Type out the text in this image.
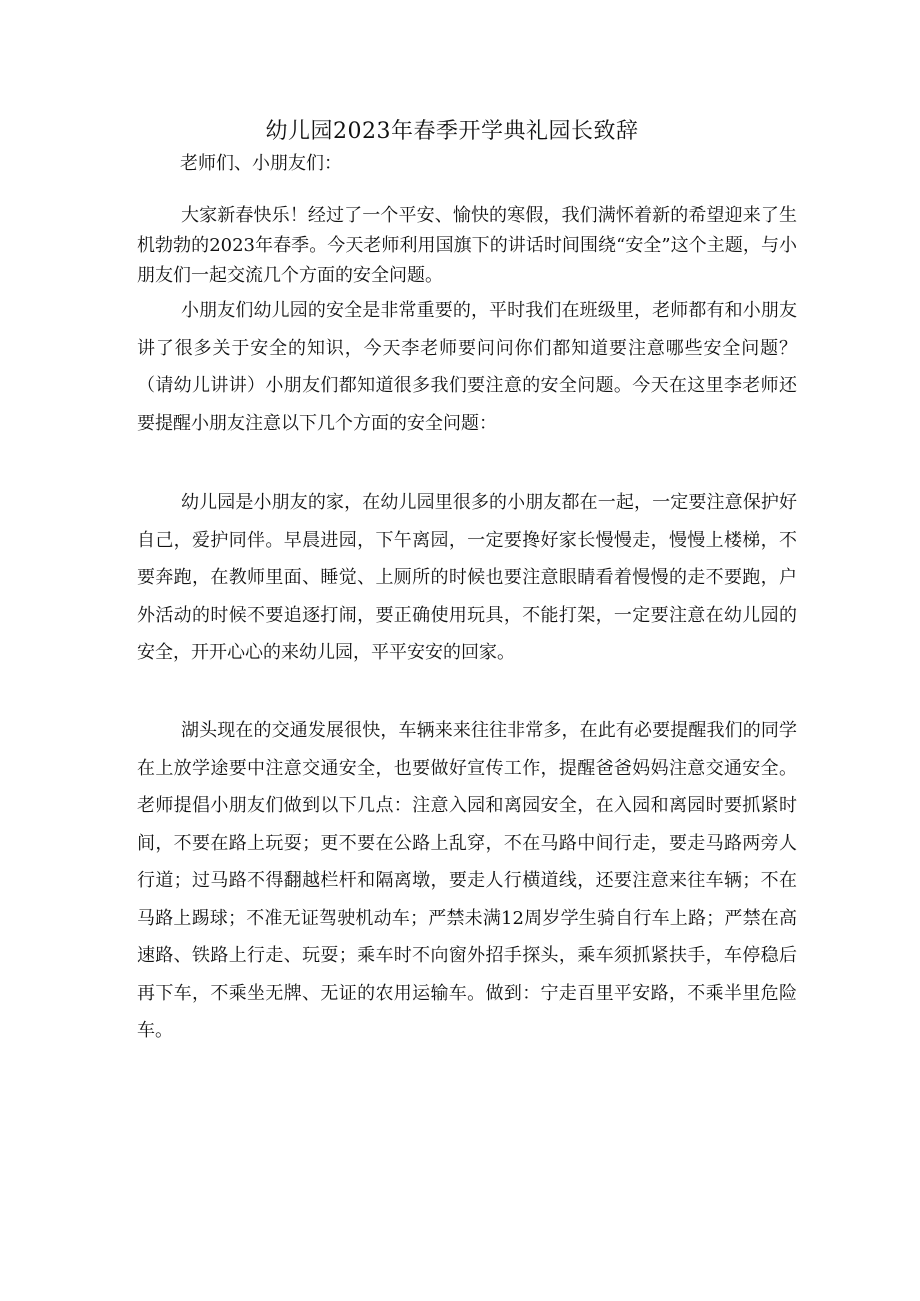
幼儿园2023年春季开学典礼园长致辞
老师们、小朋友们：

大家新春快乐！经过了一个平安、愉快的寒假，我们满怀着新的希望迎来了生机勃勃的2023年春季。今天老师利用国旗下的讲话时间围绕“安全”这个主题，与小朋友们一起交流几个方面的安全问题。

小朋友们幼儿园的安全是非常重要的，平时我们在班级里，老师都有和小朋友讲了很多关于安全的知识，今天李老师要问问你们都知道要注意哪些安全问题？（请幼儿讲讲）小朋友们都知道很多我们要注意的安全问题。今天在这里李老师还要提醒小朋友注意以下几个方面的安全问题：

幼儿园是小朋友的家，在幼儿园里很多的小朋友都在一起，一定要注意保护好自己，爱护同伴。早晨进园，下午离园，一定要搀好家长慢慢走，慢慢上楼梯，不要奔跑，在教师里面、睡觉、上厕所的时候也要注意眼睛看着慢慢的走不要跑，户外活动的时候不要追逐打闹，要正确使用玩具，不能打架，一定要注意在幼儿园的安全，开开心心的来幼儿园，平平安安的回家。

湖头现在的交通发展很快，车辆来来往往非常多，在此有必要提醒我们的同学在上放学途要中注意交通安全，也要做好宣传工作，提醒爸爸妈妈注意交通安全。老师提倡小朋友们做到以下几点：注意入园和离园安全，在入园和离园时要抓紧时间，不要在路上玩耍；更不要在公路上乱穿，不在马路中间行走，要走马路两旁人行道；过马路不得翻越栏杆和隔离墩，要走人行横道线，还要注意来往车辆；不在马路上踢球；不准无证驾驶机动车；严禁未满12周岁学生骑自行车上路；严禁在高速路、铁路上行走、玩耍；乘车时不向窗外招手探头，乘车须抓紧扶手，车停稳后再下车，不乘坐无牌、无证的农用运输车。做到：宁走百里平安路，不乘半里危险车。
